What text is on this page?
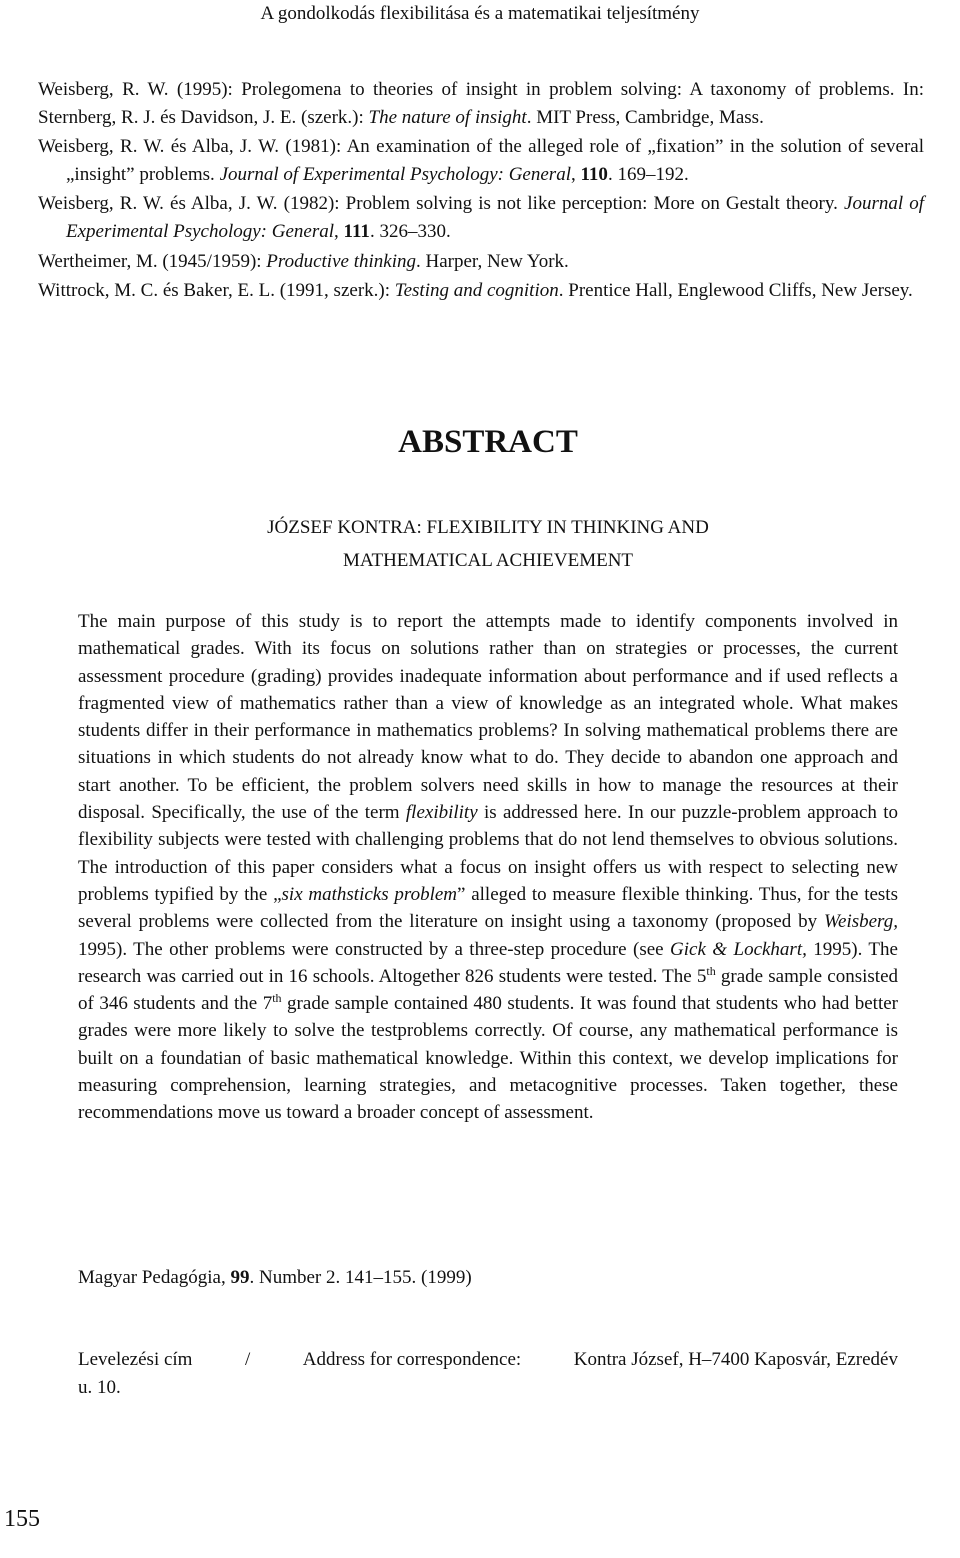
A gondolkodás flexibilitása és a matematikai teljesítmény
Weisberg, R. W. (1995): Prolegomena to theories of insight in problem solving: A taxonomy of problems. In: Sternberg, R. J. és Davidson, J. E. (szerk.): The nature of insight. MIT Press, Cambridge, Mass.
Weisberg, R. W. és Alba, J. W. (1981): An examination of the alleged role of „fixation” in the solution of several „insight” problems. Journal of Experimental Psychology: General, 110. 169–192.
Weisberg, R. W. és Alba, J. W. (1982): Problem solving is not like perception: More on Gestalt theory. Journal of Experimental Psychology: General, 111. 326–330.
Wertheimer, M. (1945/1959): Productive thinking. Harper, New York.
Wittrock, M. C. és Baker, E. L. (1991, szerk.): Testing and cognition. Prentice Hall, Englewood Cliffs, New Jersey.
ABSTRACT
JÓZSEF KONTRA: FLEXIBILITY IN THINKING AND
MATHEMATICAL ACHIEVEMENT
The main purpose of this study is to report the attempts made to identify components involved in mathematical grades. With its focus on solutions rather than on strategies or processes, the current assessment procedure (grading) provides inadequate information about performance and if used reflects a fragmented view of mathematics rather than a view of knowledge as an integrated whole. What makes students differ in their performance in mathematics problems? In solving mathematical problems there are situations in which students do not already know what to do. They decide to abandon one approach and start another. To be efficient, the problem solvers need skills in how to manage the resources at their disposal. Specifically, the use of the term flexibility is addressed here. In our puzzle-problem approach to flexibility subjects were tested with challenging problems that do not lend themselves to obvious solutions. The introduction of this paper considers what a focus on insight offers us with respect to selecting new problems typified by the „six mathsticks problem” alleged to measure flexible thinking. Thus, for the tests several problems were collected from the literature on insight using a taxonomy (proposed by Weisberg, 1995). The other problems were constructed by a three-step procedure (see Gick & Lockhart, 1995). The research was carried out in 16 schools. Altogether 826 students were tested. The 5th grade sample consisted of 346 students and the 7th grade sample contained 480 students. It was found that students who had better grades were more likely to solve the testproblems correctly. Of course, any mathematical performance is built on a foundatian of basic mathematical knowledge. Within this context, we develop implications for measuring comprehension, learning strategies, and metacognitive processes. Taken together, these recommendations move us toward a broader concept of assessment.
Magyar Pedagógia, 99. Number 2. 141–155. (1999)
Levelezési cím	/	Address for correspondence:	Kontra József, H–7400 Kaposvár, Ezredév
u. 10.
155
